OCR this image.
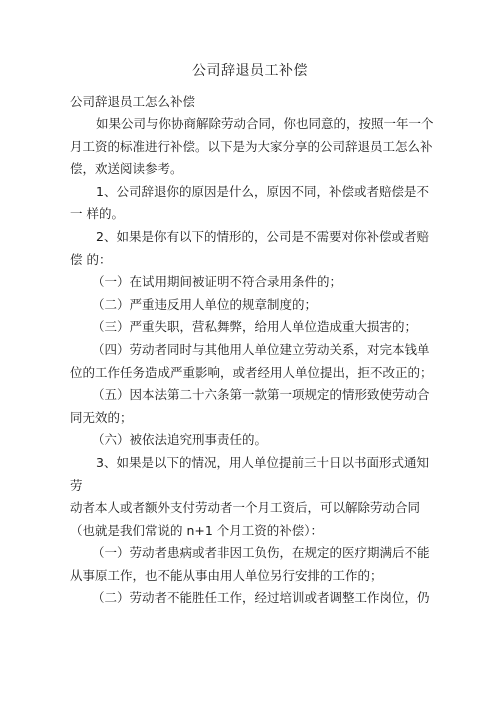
公司辞退员工补偿
公司辞退员工怎么补偿
如果公司与你协商解除劳动合同，你也同意的，按照一年一个
月工资的标准进行补偿。以下是为大家分享的公司辞退员工怎么补
偿，欢送阅读参考。
1、公司辞退你的原因是什么，原因不同，补偿或者赔偿是不
一 样的。
2、如果是你有以下的情形的，公司是不需要对你补偿或者赔
偿 的：
（一）在试用期间被证明不符合录用条件的；
（二）严重违反用人单位的规章制度的；
（三）严重失职，营私舞弊，给用人单位造成重大损害的；
（四）劳动者同时与其他用人单位建立劳动关系，对完本钱单
位的工作任务造成严重影响，或者经用人单位提出，拒不改正的；
（五）因本法第二十六条第一款第一项规定的情形致使劳动合
同无效的；
（六）被依法追究刑事责任的。
3、如果是以下的情况，用人单位提前三十日以书面形式通知
劳
动者本人或者额外支付劳动者一个月工资后，可以解除劳动合同
（也就是我们常说的 n+1 个月工资的补偿）：
（一）劳动者患病或者非因工负伤，在规定的医疗期满后不能
从事原工作，也不能从事由用人单位另行安排的工作的；
（二）劳动者不能胜任工作，经过培训或者调整工作岗位，仍
